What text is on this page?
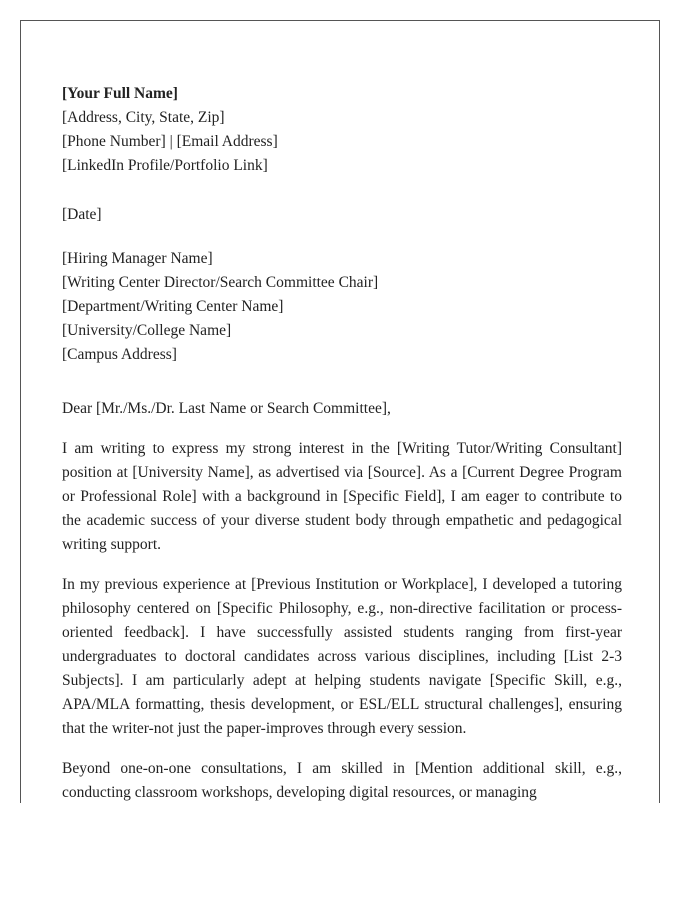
[Your Full Name]
[Address, City, State, Zip]
[Phone Number] | [Email Address]
[LinkedIn Profile/Portfolio Link]
[Date]
[Hiring Manager Name]
[Writing Center Director/Search Committee Chair]
[Department/Writing Center Name]
[University/College Name]
[Campus Address]

Dear [Mr./Ms./Dr. Last Name or Search Committee],

I am writing to express my strong interest in the [Writing Tutor/Writing Consultant] position at [University Name], as advertised via [Source]. As a [Current Degree Program or Professional Role] with a background in [Specific Field], I am eager to contribute to the academic success of your diverse student body through empathetic and pedagogical writing support.

In my previous experience at [Previous Institution or Workplace], I developed a tutoring philosophy centered on [Specific Philosophy, e.g., non-directive facilitation or process-oriented feedback]. I have successfully assisted students ranging from first-year undergraduates to doctoral candidates across various disciplines, including [List 2-3 Subjects]. I am particularly adept at helping students navigate [Specific Skill, e.g., APA/MLA formatting, thesis development, or ESL/ELL structural challenges], ensuring that the writer-not just the paper-improves through every session.

Beyond one-on-one consultations, I am skilled in [Mention additional skill, e.g., conducting classroom workshops, developing digital resources, or managing
